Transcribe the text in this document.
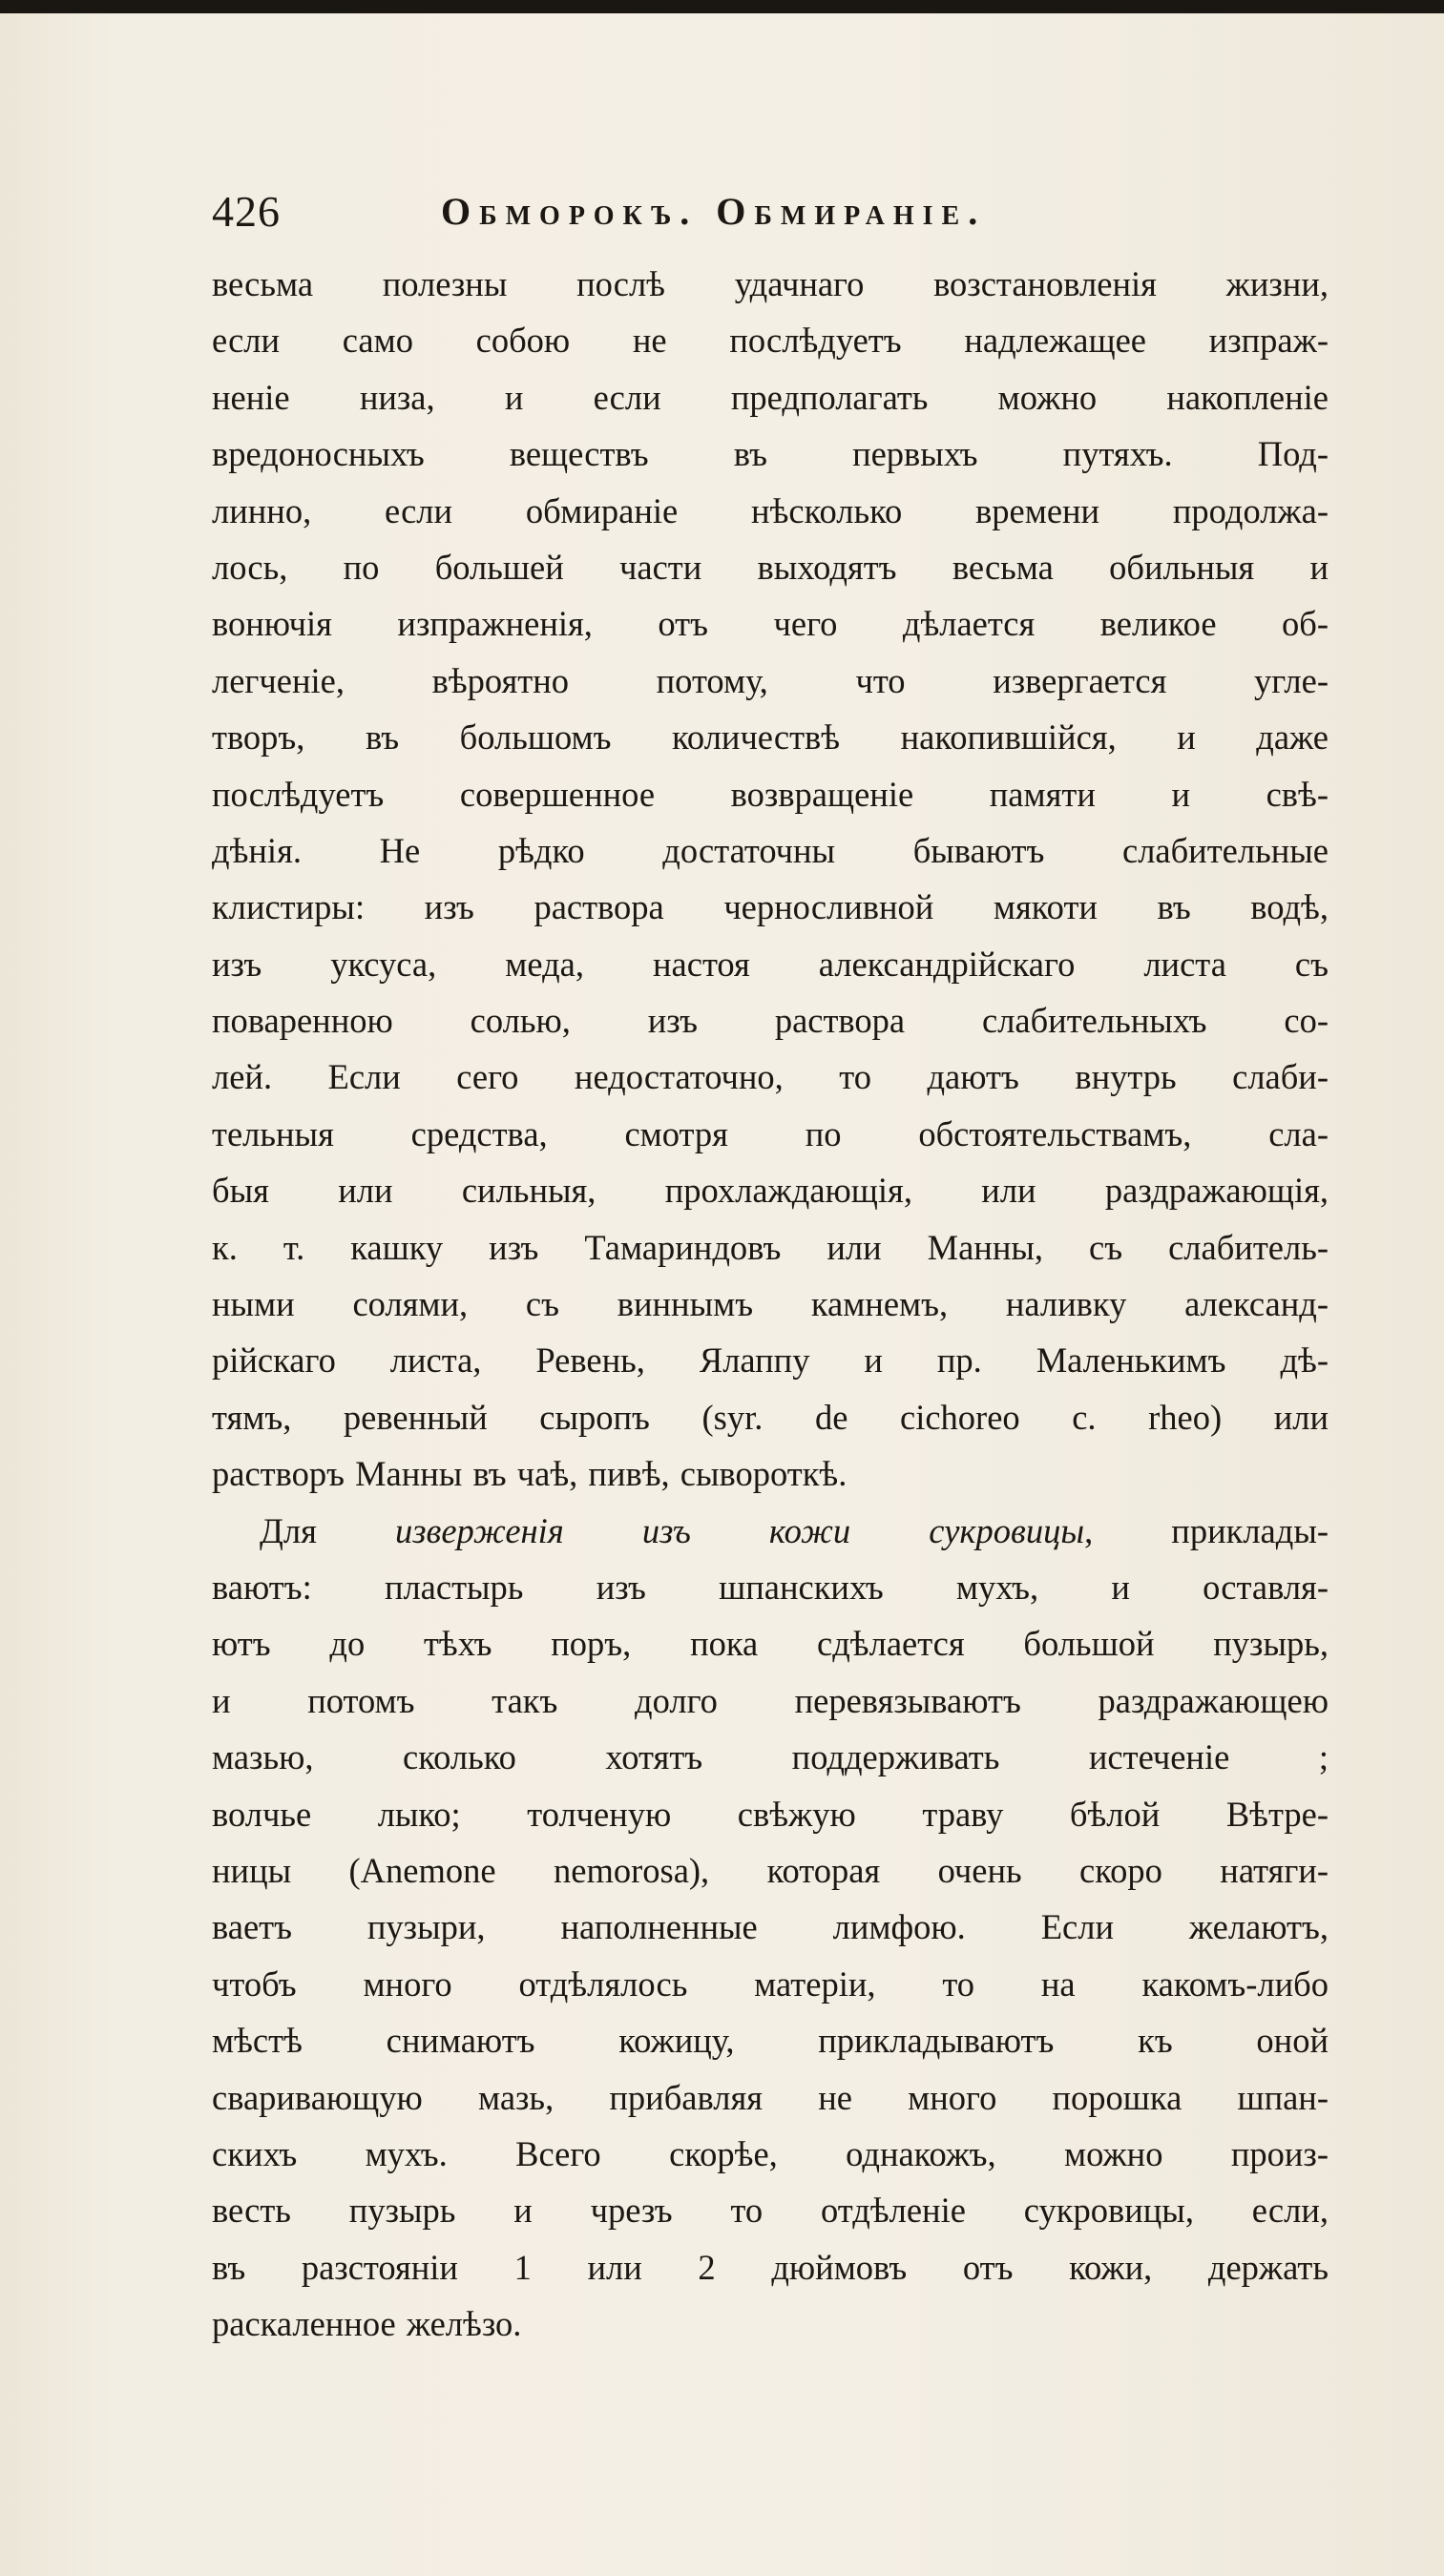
426	Обморокъ. Обмираніе.
весьма полезны послѣ удачнаго возстановленія жизни,
если само собою не послѣдуетъ надлежащее изпраж-
неніе низа, и если предполагать можно накопленіе
вредоносныхъ веществъ въ первыхъ путяхъ. Под-
линно, если обмираніе нѣсколько времени продолжа-
лось, по большей части выходятъ весьма обильныя и
вонючія изпражненія, отъ чего дѣлается великое об-
легченіе, вѣроятно потому, что извергается угле-
творъ, въ большомъ количествѣ накопившійся, и даже
послѣдуетъ совершенное возвращеніе памяти и свѣ-
дѣнія. Не рѣдко достаточны бываютъ слабительные
клистиры: изъ раствора черносливной мякоти въ водѣ,
изъ уксуса, меда, настоя александрійскаго листа съ
поваренною солью, изъ раствора слабительныхъ со-
лей. Если сего недостаточно, то даютъ внутрь слаби-
тельныя средства, смотря по обстоятельствамъ, сла-
быя или сильныя, прохлаждающія, или раздражающія,
к. т. кашку изъ Тамариндовъ или Манны, съ слабитель-
ными солями, съ виннымъ камнемъ, наливку александ-
рійскаго листа, Ревень, Ялаппу и пр. Маленькимъ дѣ-
тямъ, ревенный сыропъ (syr. de cichoreo c. rheo) или
растворъ Манны въ чаѣ, пивѣ, сывороткѣ.
Для изверженія изъ кожи сукровицы, приклады-
ваютъ: пластырь изъ шпанскихъ мухъ, и оставля-
ютъ до тѣхъ поръ, пока сдѣлается большой пузырь,
и потомъ такъ долго перевязываютъ раздражающею
мазью, сколько хотятъ поддерживать истеченіе ;
волчье лыко; толченую свѣжую траву бѣлой Вѣтре-
ницы (Anemone nemorosa), которая очень скоро натяги-
ваетъ пузыри, наполненные лимфою. Если желаютъ,
чтобъ много отдѣлялось матеріи, то на какомъ-либо
мѣстѣ снимаютъ кожицу, прикладываютъ къ оной
сваривающую мазь, прибавляя не много порошка шпан-
скихъ мухъ. Всего скорѣе, однакожъ, можно произ-
весть пузырь и чрезъ то отдѣленіе сукровицы, если,
въ разстояніи 1 или 2 дюймовъ отъ кожи, держать
раскаленное желѣзо.
